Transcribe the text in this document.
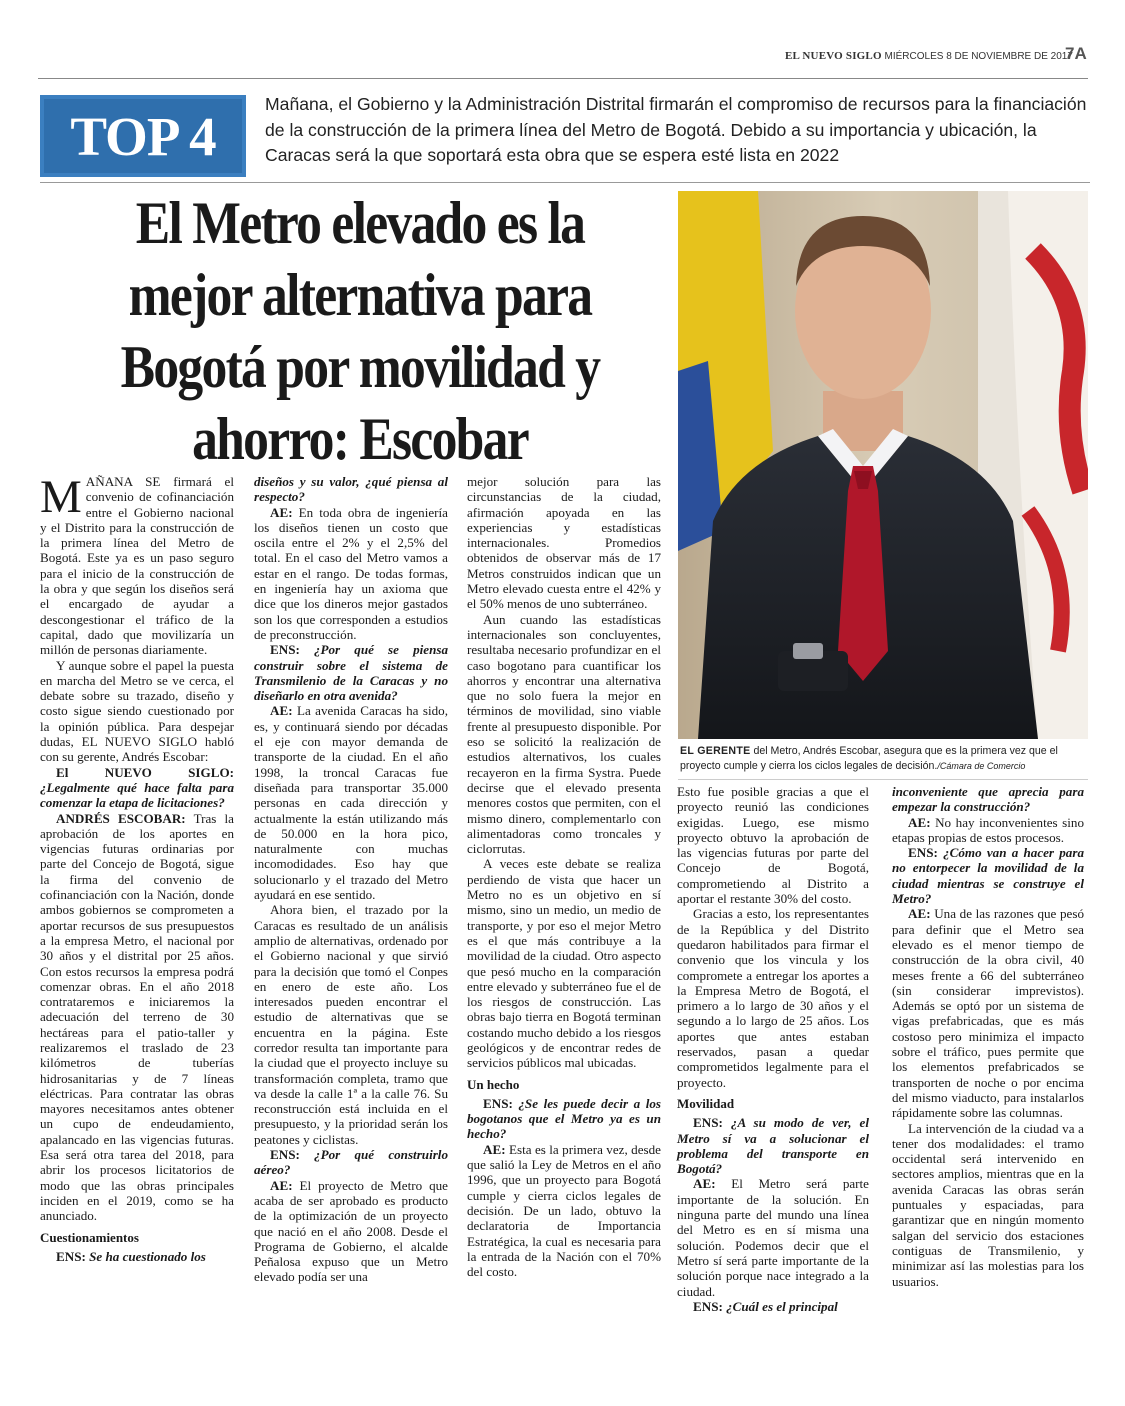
EL NUEVO SIGLO MIÉRCOLES 8 DE NOVIEMBRE DE 2017
7A
TOP 4
Mañana, el Gobierno y la Administración Distrital firmarán el compromiso de recursos para la financiación de la construcción de la primera línea del Metro de Bogotá. Debido a su importancia y ubicación, la Caracas será la que soportará esta obra que se espera esté lista en 2022
El Metro elevado es la mejor alternativa para Bogotá por movilidad y ahorro: Escobar
EL GERENTE del Metro, Andrés Escobar, asegura que es la primera vez que el proyecto cumple y cierra los ciclos legales de decisión./Cámara de Comercio

MAÑANA SE firmará el convenio de cofinanciación entre el Gobierno nacional y el Distrito para la construcción de la primera línea del Metro de Bogotá. Este ya es un paso seguro para el inicio de la construcción de la obra y que según los diseños será el encargado de ayudar a descongestionar el tráfico de la capital, dado que movilizaría un millón de personas diariamente.

Y aunque sobre el papel la puesta en marcha del Metro se ve cerca, el debate sobre su trazado, diseño y costo sigue siendo cuestionado por la opinión pública. Para despejar dudas, EL NUEVO SIGLO habló con su gerente, Andrés Escobar:

El NUEVO SIGLO: ¿Legalmente qué hace falta para comenzar la etapa de licitaciones?

ANDRÉS ESCOBAR: Tras la aprobación de los aportes en vigencias futuras ordinarias por parte del Concejo de Bogotá, sigue la firma del convenio de cofinanciación con la Nación, donde ambos gobiernos se comprometen a aportar recursos de sus presupuestos a la empresa Metro, el nacional por 30 años y el distrital por 25 años. Con estos recursos la empresa podrá comenzar obras. En el año 2018 contrataremos e iniciaremos la adecuación del terreno de 30 hectáreas para el patio-taller y realizaremos el traslado de 23 kilómetros de tuberías hidrosanitarias y de 7 líneas eléctricas. Para contratar las obras mayores necesitamos antes obtener un cupo de endeudamiento, apalancado en las vigencias futuras. Esa será otra tarea del 2018, para abrir los procesos licitatorios de modo que las obras principales inciden en el 2019, como se ha anunciado.

Cuestionamientos

ENS: Se ha cuestionado los

diseños y su valor, ¿qué piensa al respecto?

AE: En toda obra de ingeniería los diseños tienen un costo que oscila entre el 2% y el 2,5% del total. En el caso del Metro vamos a estar en el rango. De todas formas, en ingeniería hay un axioma que dice que los dineros mejor gastados son los que corresponden a estudios de preconstrucción.

ENS: ¿Por qué se piensa construir sobre el sistema de Transmilenio de la Caracas y no diseñarlo en otra avenida?

AE: La avenida Caracas ha sido, es, y continuará siendo por décadas el eje con mayor demanda de transporte de la ciudad. En el año 1998, la troncal Caracas fue diseñada para transportar 35.000 personas en cada dirección y actualmente la están utilizando más de 50.000 en la hora pico, naturalmente con muchas incomodidades. Eso hay que solucionarlo y el trazado del Metro ayudará en ese sentido.

Ahora bien, el trazado por la Caracas es resultado de un análisis amplio de alternativas, ordenado por el Gobierno nacional y que sirvió para la decisión que tomó el Conpes en enero de este año. Los interesados pueden encontrar el estudio de alternativas que se encuentra en la página. Este corredor resulta tan importante para la ciudad que el proyecto incluye su transformación completa, tramo que va desde la calle 1ª a la calle 76. Su reconstrucción está incluida en el presupuesto, y la prioridad serán los peatones y ciclistas.

ENS: ¿Por qué construirlo aéreo?

AE: El proyecto de Metro que acaba de ser aprobado es producto de la optimización de un proyecto que nació en el año 2008. Desde el Programa de Gobierno, el alcalde Peñalosa expuso que un Metro elevado podía ser una

mejor solución para las circunstancias de la ciudad, afirmación apoyada en las experiencias y estadísticas internacionales. Promedios obtenidos de observar más de 17 Metros construidos indican que un Metro elevado cuesta entre el 42% y el 50% menos de uno subterráneo.

Aun cuando las estadísticas internacionales son concluyentes, resultaba necesario profundizar en el caso bogotano para cuantificar los ahorros y encontrar una alternativa que no solo fuera la mejor en términos de movilidad, sino viable frente al presupuesto disponible. Por eso se solicitó la realización de estudios alternativos, los cuales recayeron en la firma Systra. Puede decirse que el elevado presenta menores costos que permiten, con el mismo dinero, complementarlo con alimentadoras como troncales y ciclorrutas.

A veces este debate se realiza perdiendo de vista que hacer un Metro no es un objetivo en sí mismo, sino un medio, un medio de transporte, y por eso el mejor Metro es el que más contribuye a la movilidad de la ciudad. Otro aspecto que pesó mucho en la comparación entre elevado y subterráneo fue el de los riesgos de construcción. Las obras bajo tierra en Bogotá terminan costando mucho debido a los riesgos geológicos y de encontrar redes de servicios públicos mal ubicadas.

Un hecho

ENS: ¿Se les puede decir a los bogotanos que el Metro ya es un hecho?

AE: Esta es la primera vez, desde que salió la Ley de Metros en el año 1996, que un proyecto para Bogotá cumple y cierra ciclos legales de decisión. De un lado, obtuvo la declaratoria de Importancia Estratégica, la cual es necesaria para la entrada de la Nación con el 70% del costo.

Esto fue posible gracias a que el proyecto reunió las condiciones exigidas. Luego, ese mismo proyecto obtuvo la aprobación de las vigencias futuras por parte del Concejo de Bogotá, comprometiendo al Distrito a aportar el restante 30% del costo.

Gracias a esto, los representantes de la República y del Distrito quedaron habilitados para firmar el convenio que los vincula y los compromete a entregar los aportes a la Empresa Metro de Bogotá, el primero a lo largo de 30 años y el segundo a lo largo de 25 años. Los aportes que antes estaban reservados, pasan a quedar comprometidos legalmente para el proyecto.

Movilidad

ENS: ¿A su modo de ver, el Metro sí va a solucionar el problema del transporte en Bogotá?

AE: El Metro será parte importante de la solución. En ninguna parte del mundo una línea del Metro es en sí misma una solución. Podemos decir que el Metro sí será parte importante de la solución porque nace integrado a la ciudad.

ENS: ¿Cuál es el principal

inconveniente que aprecia para empezar la construcción?

AE: No hay inconvenientes sino etapas propias de estos procesos.

ENS: ¿Cómo van a hacer para no entorpecer la movilidad de la ciudad mientras se construye el Metro?

AE: Una de las razones que pesó para definir que el Metro sea elevado es el menor tiempo de construcción de la obra civil, 40 meses frente a 66 del subterráneo (sin considerar imprevistos). Además se optó por un sistema de vigas prefabricadas, que es más costoso pero minimiza el impacto sobre el tráfico, pues permite que los elementos prefabricados se transporten de noche o por encima del mismo viaducto, para instalarlos rápidamente sobre las columnas.

La intervención de la ciudad va a tener dos modalidades: el tramo occidental será intervenido en sectores amplios, mientras que en la avenida Caracas las obras serán puntuales y espaciadas, para garantizar que en ningún momento salgan del servicio dos estaciones contiguas de Transmilenio, y minimizar así las molestias para los usuarios.
